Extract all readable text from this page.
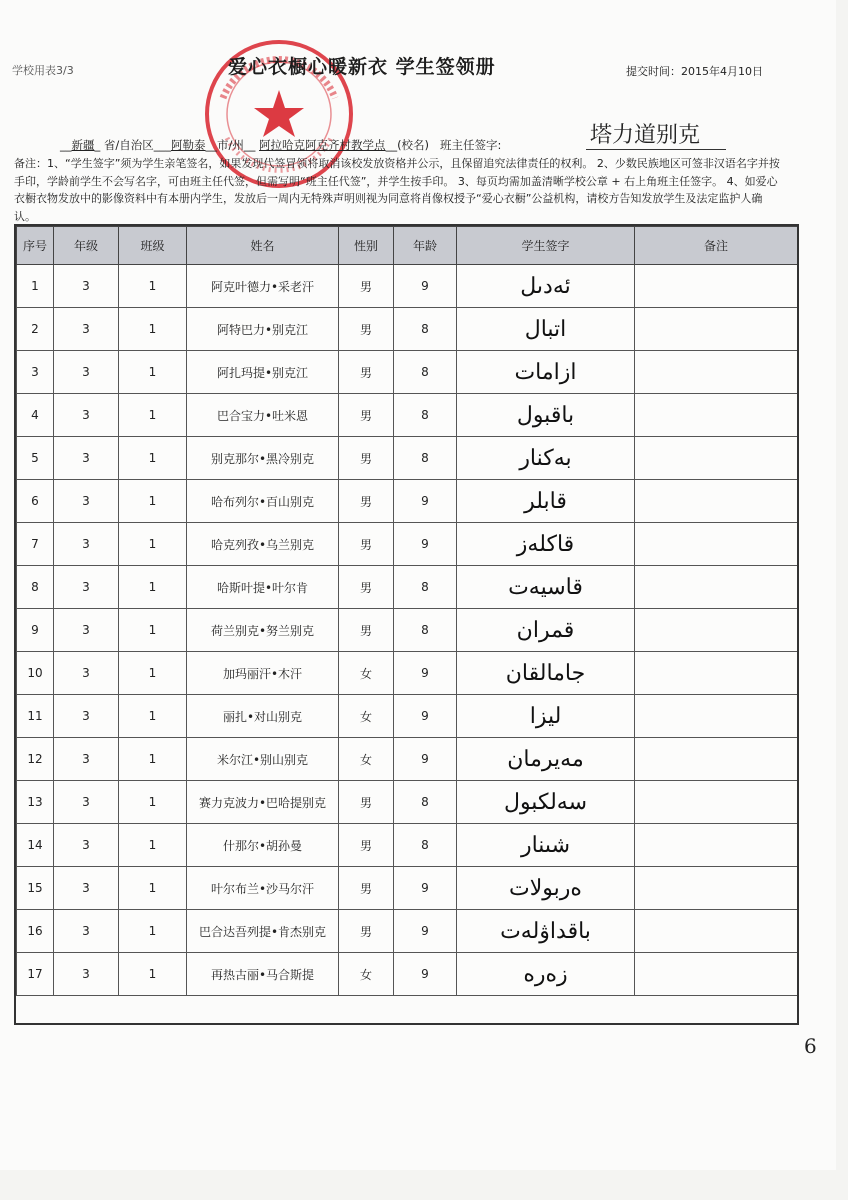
学校用表3/3	爱心衣橱心暖新衣 学生签领册	提交时间：2015年4月10日
__新疆_ 省/自治区___阿勒泰__市/州__ 阿拉哈克阿克齐村教学点__(校名) 班主任签字:	塔力道别克
备注：1、“学生签字”须为学生亲笔签名，如果发现代签冒领将取消该校发放资格并公示，且保留追究法律责任的权利。 2、少数民族地区可签非汉语名字并按手印，学龄前学生不会写名字，可由班主任代签，但需写明“班主任代签”，并学生按手印。 3、每页均需加盖清晰学校公章 + 右上角班主任签字。 4、如爱心衣橱衣物发放中的影像资料中有本册内学生，发放后一周内无特殊声明则视为同意将肖像权授予“爱心衣橱”公益机构，请校方告知发放学生及法定监护人确认。
序号	年级	班级	姓名	性别	年龄	学生签字	备注
1	3	1	阿克叶德力•采老汗	男	9	ئەدىل	
2	3	1	阿特巴力•别克江	男	8	اتبال	
3	3	1	阿扎玛提•别克江	男	8	ازامات	
4	3	1	巴合宝力•吐米恩	男	8	باقبول	
5	3	1	别克那尔•黑冷别克	男	8	بەكنار	
6	3	1	哈布列尔•百山别克	男	9	قابلر	
7	3	1	哈克列孜•乌兰别克	男	9	قاكلەز	
8	3	1	哈斯叶提•叶尔肯	男	8	قاسيەت	
9	3	1	荷兰别克•努兰别克	男	8	قمران	
10	3	1	加玛丽汗•木汗	女	9	جامالقان	
11	3	1	丽扎•对山别克	女	9	ليزا	
12	3	1	米尔江•别山别克	女	9	مەيرمان	
13	3	1	赛力克波力•巴哈提别克	男	8	سەلكبول	
14	3	1	什那尔•胡孙曼	男	8	شىنار	
15	3	1	叶尔布兰•沙马尔汗	男	9	ەربولات	
16	3	1	巴合达吾列提•肯杰别克	男	9	باقداۋلەت	
17	3	1	再热古丽•马合斯提	女	9	زەرە	
6
